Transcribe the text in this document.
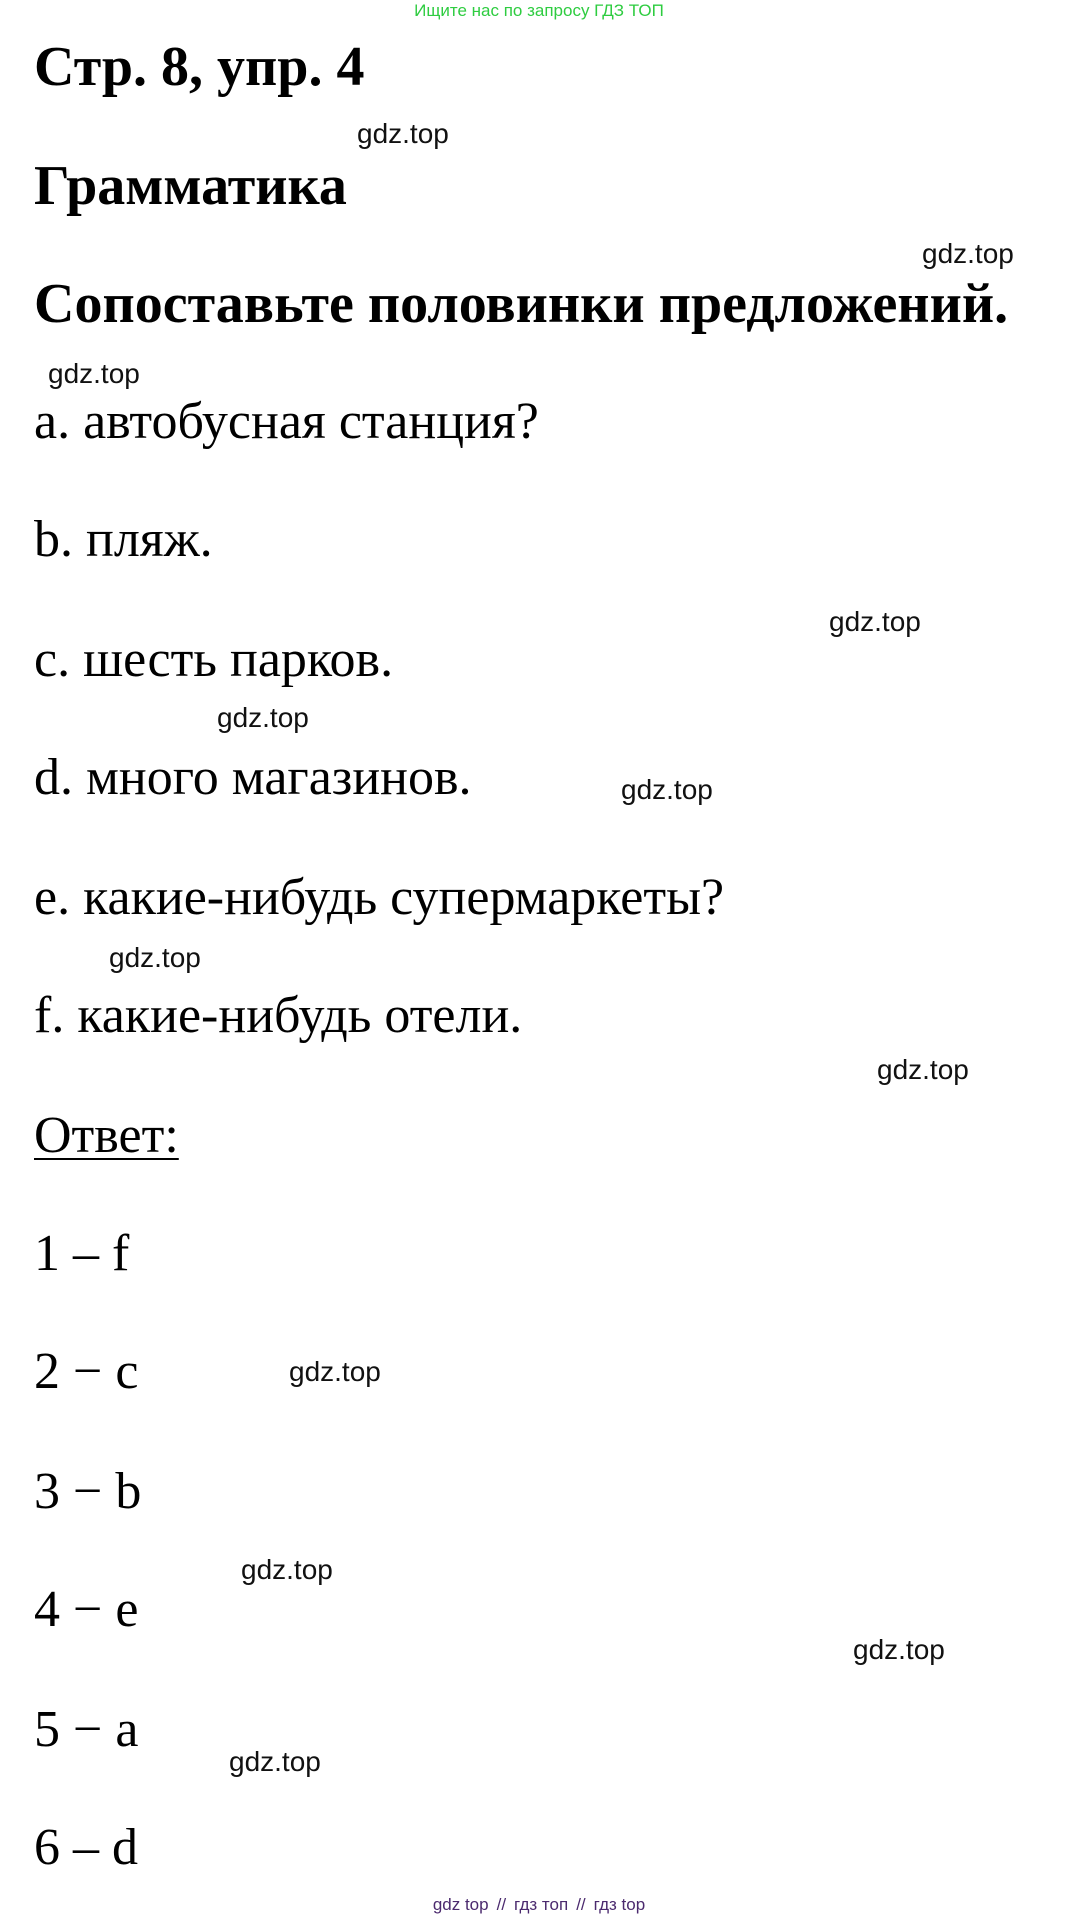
Ищите нас по запросу ГДЗ ТОП
Стр. 8, упр. 4
Грамматика
Сопоставьте половинки предложений.
a. автобусная станция?
b. пляж.
c. шесть парков.
d. много магазинов.
e. какие-нибудь супермаркеты?
f. какие-нибудь отели.
Ответ:
1 – f
2 − c
3 − b
4 − e
5 − a
6 – d
gdz.top
gdz.top
gdz.top
gdz.top
gdz.top
gdz.top
gdz.top
gdz.top
gdz.top
gdz.top
gdz.top
gdz.top
gdz top // гдз топ // гдз top
